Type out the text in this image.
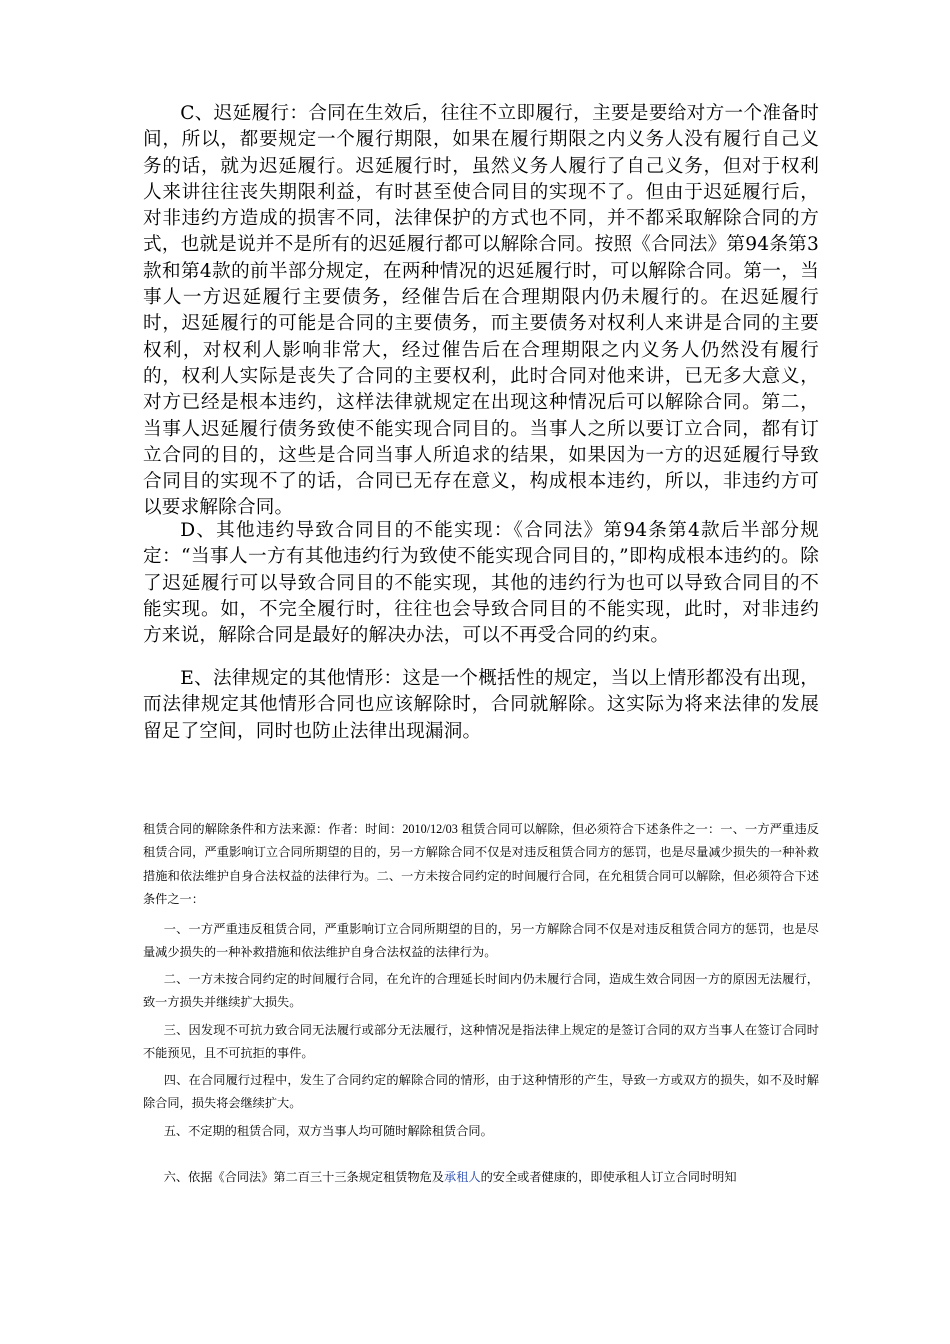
C、迟延履行：合同在生效后，往往不立即履行，主要是要给对方一个准备时间，所以，都要规定一个履行期限，如果在履行期限之内义务人没有履行自己义务的话，就为迟延履行。迟延履行时，虽然义务人履行了自己义务，但对于权利人来讲往往丧失期限利益，有时甚至使合同目的实现不了。但由于迟延履行后，对非违约方造成的损害不同，法律保护的方式也不同，并不都采取解除合同的方式，也就是说并不是所有的迟延履行都可以解除合同。按照《合同法》第94条第3款和第4款的前半部分规定，在两种情况的迟延履行时，可以解除合同。第一，当事人一方迟延履行主要债务，经催告后在合理期限内仍未履行的。在迟延履行时，迟延履行的可能是合同的主要债务，而主要债务对权利人来讲是合同的主要权利，对权利人影响非常大，经过催告后在合理期限之内义务人仍然没有履行的，权利人实际是丧失了合同的主要权利，此时合同对他来讲，已无多大意义，对方已经是根本违约，这样法律就规定在出现这种情况后可以解除合同。第二，当事人迟延履行债务致使不能实现合同目的。当事人之所以要订立合同，都有订立合同的目的，这些是合同当事人所追求的结果，如果因为一方的迟延履行导致合同目的实现不了的话，合同已无存在意义，构成根本违约，所以，非违约方可以要求解除合同。

D、其他违约导致合同目的不能实现：《合同法》第94条第4款后半部分规定：“当事人一方有其他违约行为致使不能实现合同目的，”即构成根本违约的。除了迟延履行可以导致合同目的不能实现，其他的违约行为也可以导致合同目的不能实现。如，不完全履行时，往往也会导致合同目的不能实现，此时，对非违约方来说，解除合同是最好的解决办法，可以不再受合同的约束。

E、法律规定的其他情形：这是一个概括性的规定，当以上情形都没有出现，而法律规定其他情形合同也应该解除时，合同就解除。这实际为将来法律的发展留足了空间，同时也防止法律出现漏洞。

租赁合同的解除条件和方法来源：作者：时间：2010/12/03 租赁合同可以解除，但必须符合下述条件之一：一、一方严重违反租赁合同，严重影响订立合同所期望的目的，另一方解除合同不仅是对违反租赁合同方的惩罚，也是尽量减少损失的一种补救措施和依法维护自身合法权益的法律行为。二、一方未按合同约定的时间履行合同，在允租赁合同可以解除，但必须符合下述条件之一：

一、一方严重违反租赁合同，严重影响订立合同所期望的目的，另一方解除合同不仅是对违反租赁合同方的惩罚，也是尽量减少损失的一种补救措施和依法维护自身合法权益的法律行为。

二、一方未按合同约定的时间履行合同，在允许的合理延长时间内仍未履行合同，造成生效合同因一方的原因无法履行，致一方损失并继续扩大损失。

三、因发现不可抗力致合同无法履行或部分无法履行，这种情况是指法律上规定的是签订合同的双方当事人在签订合同时不能预见，且不可抗拒的事件。

四、在合同履行过程中，发生了合同约定的解除合同的情形，由于这种情形的产生，导致一方或双方的损失，如不及时解除合同，损失将会继续扩大。

五、不定期的租赁合同，双方当事人均可随时解除租赁合同。

六、依据《合同法》第二百三十三条规定租赁物危及承租人的安全或者健康的，即使承租人订立合同时明知
